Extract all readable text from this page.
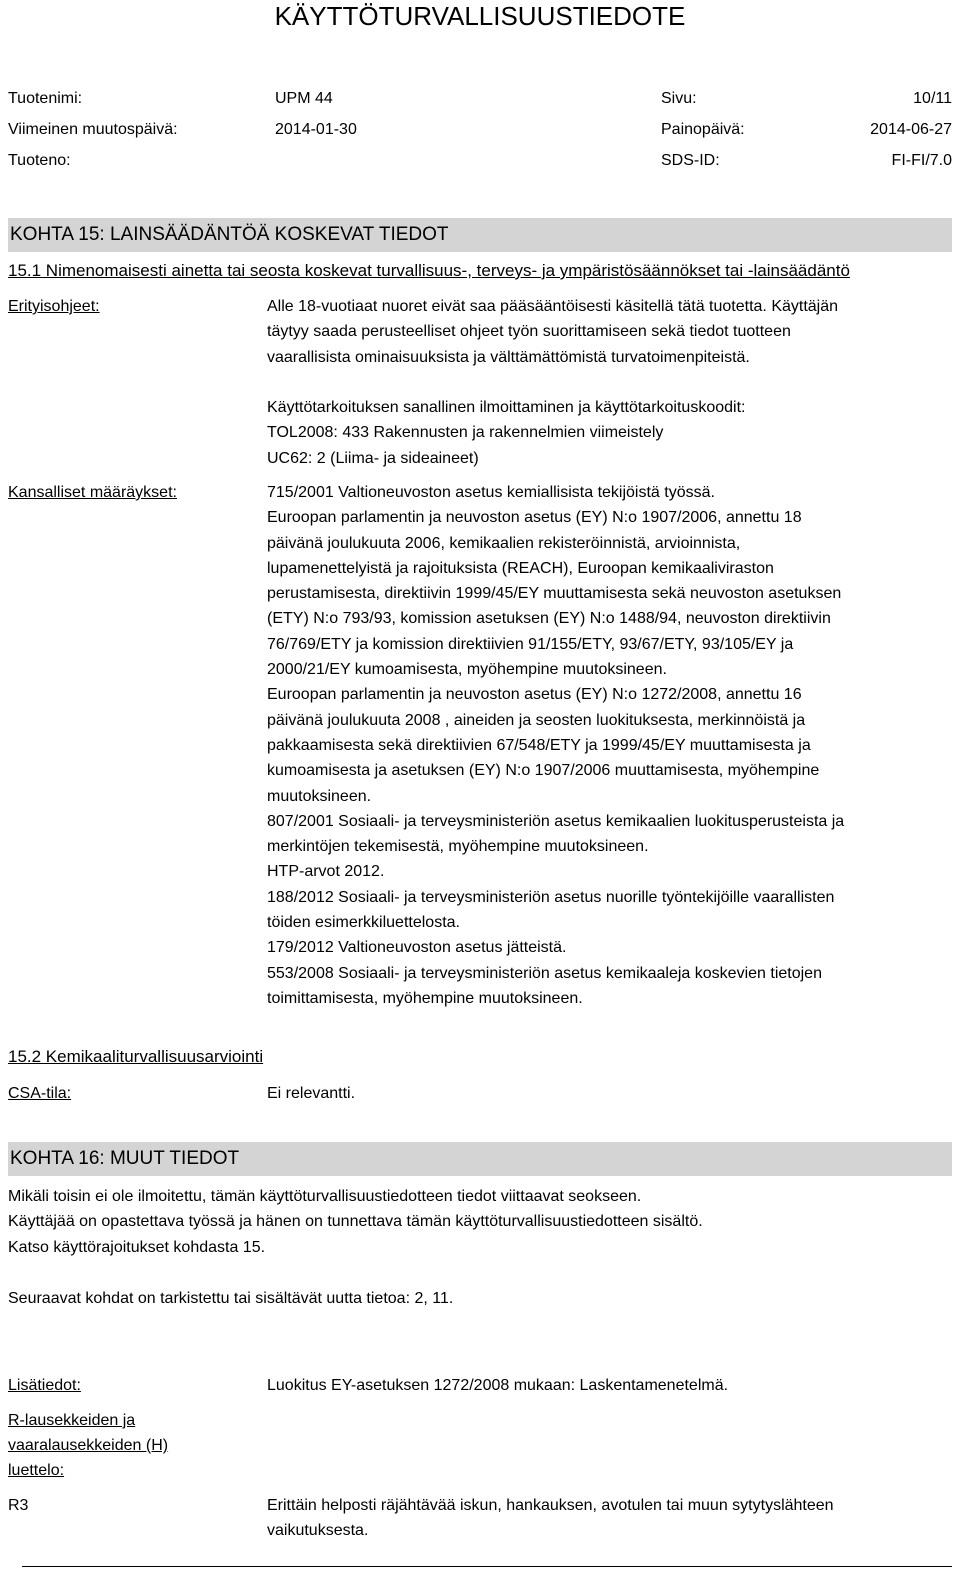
KÄYTTÖTURVALLISUUSTIEDOTE
Tuotenimi:	UPM 44	Sivu:	10/11
Viimeinen muutospäivä:	2014-01-30	Painopäivä:	2014-06-27
Tuoteno:	SDS-ID:	FI-FI/7.0
KOHTA 15: LAINSÄÄDÄNTÖÄ KOSKEVAT TIEDOT
15.1 Nimenomaisesti ainetta tai seosta koskevat turvallisuus-, terveys- ja ympäristösäännökset tai -lainsäädäntö
Erityisohjeet:	Alle 18-vuotiaat nuoret eivät saa pääsääntöisesti käsitellä tätä tuotetta. Käyttäjän
täytyy saada perusteelliset ohjeet työn suorittamiseen sekä tiedot tuotteen
vaarallisista ominaisuuksista ja välttämättömistä turvatoimenpiteistä.
Käyttötarkoituksen sanallinen ilmoittaminen ja käyttötarkoituskoodit:
TOL2008: 433 Rakennusten ja rakennelmien viimeistely
UC62: 2 (Liima- ja sideaineet)
Kansalliset määräykset:	715/2001 Valtioneuvoston asetus kemiallisista tekijöistä työssä.
Euroopan parlamentin ja neuvoston asetus (EY) N:o 1907/2006, annettu 18
päivänä joulukuuta 2006, kemikaalien rekisteröinnistä, arvioinnista,
lupamenettelyistä ja rajoituksista (REACH), Euroopan kemikaaliviraston
perustamisesta, direktiivin 1999/45/EY muuttamisesta sekä neuvoston asetuksen
(ETY) N:o 793/93, komission asetuksen (EY) N:o 1488/94, neuvoston direktiivin
76/769/ETY ja komission direktiivien 91/155/ETY, 93/67/ETY, 93/105/EY ja
2000/21/EY kumoamisesta, myöhempine muutoksineen.
Euroopan parlamentin ja neuvoston asetus (EY) N:o 1272/2008, annettu 16
päivänä joulukuuta 2008 , aineiden ja seosten luokituksesta, merkinnöistä ja
pakkaamisesta sekä direktiivien 67/548/ETY ja 1999/45/EY muuttamisesta ja
kumoamisesta ja asetuksen (EY) N:o 1907/2006 muuttamisesta, myöhempine
muutoksineen.
807/2001 Sosiaali- ja terveysministeriön asetus kemikaalien luokitusperusteista ja
merkintöjen tekemisestä, myöhempine muutoksineen.
HTP-arvot 2012.
188/2012 Sosiaali- ja terveysministeriön asetus nuorille työntekijöille vaarallisten
töiden esimerkkiluettelosta.
179/2012 Valtioneuvoston asetus jätteistä.
553/2008 Sosiaali- ja terveysministeriön asetus kemikaaleja koskevien tietojen
toimittamisesta, myöhempine muutoksineen.
15.2 Kemikaaliturvallisuusarviointi
CSA-tila:	Ei relevantti.
KOHTA 16: MUUT TIEDOT
Mikäli toisin ei ole ilmoitettu, tämän käyttöturvallisuustiedotteen tiedot viittaavat seokseen.
Käyttäjää on opastettava työssä ja hänen on tunnettava tämän käyttöturvallisuustiedotteen sisältö.
Katso käyttörajoitukset kohdasta 15.
Seuraavat kohdat on tarkistettu tai sisältävät uutta tietoa: 2, 11.
Lisätiedot:	Luokitus EY-asetuksen 1272/2008 mukaan: Laskentamenetelmä.
R-lausekkeiden ja
vaaralausekkeiden (H)
luettelo:
R3	Erittäin helposti räjähtävää iskun, hankauksen, avotulen tai muun sytytyslähteen
vaikutuksesta.
